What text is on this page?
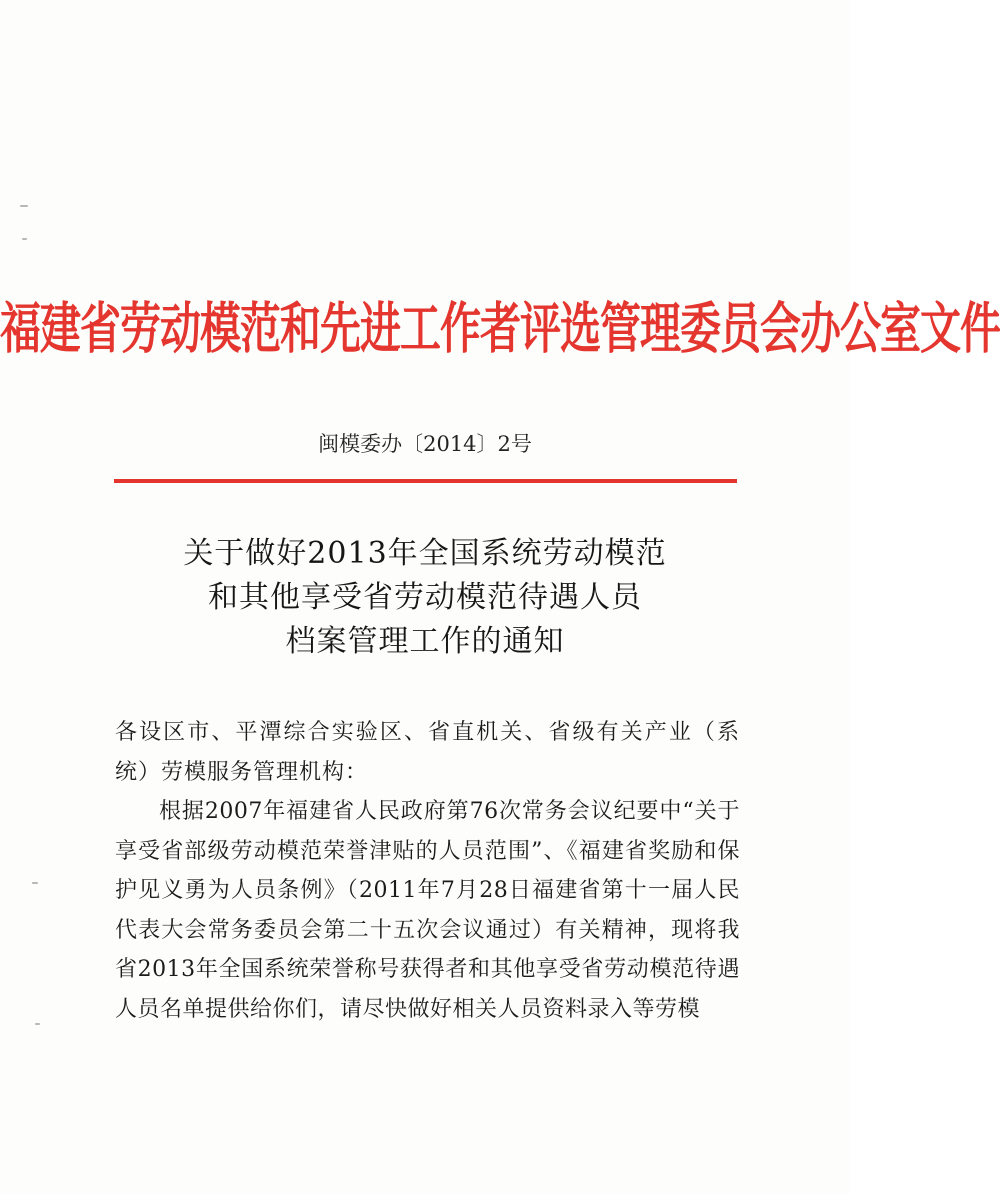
福建省劳动模范和先进工作者评选管理委员会办公室文件
闽模委办〔2014〕2号
关于做好2013年全国系统劳动模范
和其他享受省劳动模范待遇人员
档案管理工作的通知

各设区市、平潭综合实验区、省直机关、省级有关产业（系统）劳模服务管理机构：

根据2007年福建省人民政府第76次常务会议纪要中“关于享受省部级劳动模范荣誉津贴的人员范围”、《福建省奖励和保护见义勇为人员条例》（2011年7月28日福建省第十一届人民代表大会常务委员会第二十五次会议通过）有关精神，现将我省2013年全国系统荣誉称号获得者和其他享受省劳动模范待遇人员名单提供给你们，请尽快做好相关人员资料录入等劳模
